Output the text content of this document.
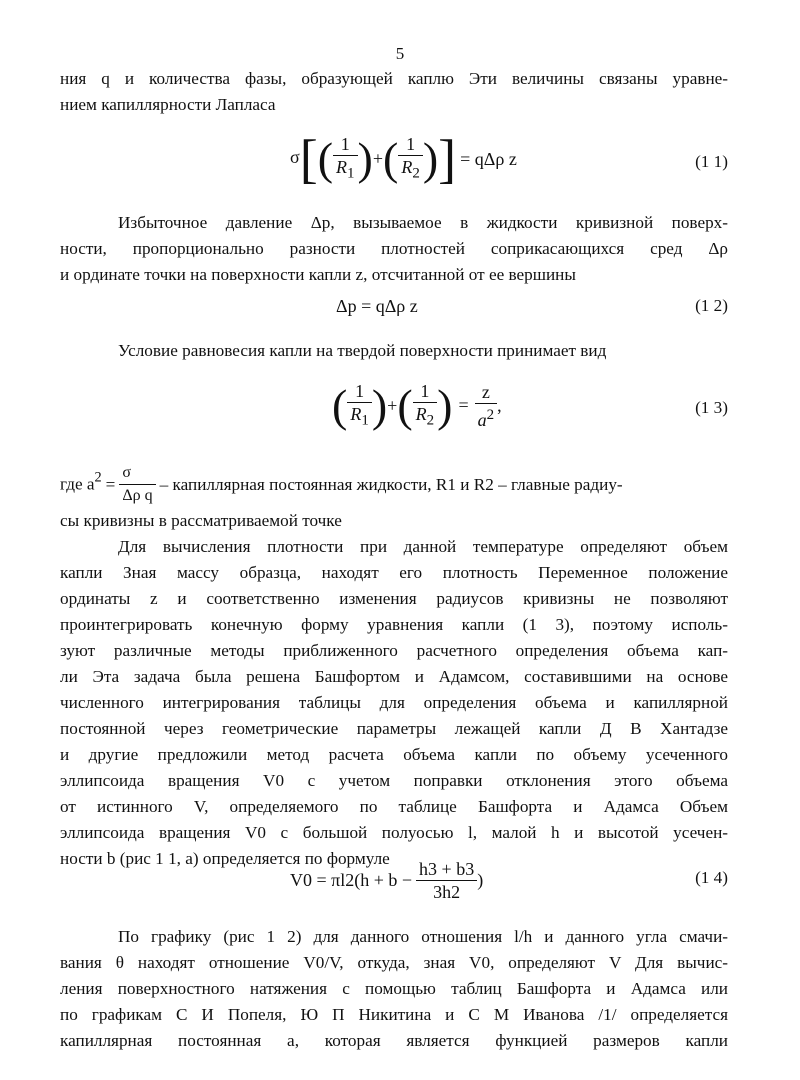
5
ния q и количества фазы, образующей каплю Эти величины связаны уравне-
нием капиллярности Лапласа
$\sigma[( \frac{1}{R_1}$ )+( $\frac{1}{R_2}$ )] = qΔρ z	(1 1)
Избыточное давление Δp, вызываемое в жидкости кривизной поверх-
ности, пропорционально разности плотностей соприкасающихся сред Δρ
и ординате точки на поверхности капли z, отсчитанной от ее вершины
Δp = qΔρ z	(1 2)
Условие равновесия капли на твердой поверхности принимает вид
( $\frac{1}{R_1}$ )+( $\frac{1}{R_2}$ ) = $\frac{z}{a^2}$ ,	(1 3)
где $a^2 = \frac{\sigma}{\text{Δρ q}}$ – капиллярная постоянная жидкости, R1 и R2 – главные радиу-
сы кривизны в рассматриваемой точке
Для вычисления плотности при данной температуре определяют объем
капли Зная массу образца, находят его плотность Переменное положение
ординаты z и соответственно изменения радиусов кривизны не позволяют
проинтегрировать конечную форму уравнения капли (1 3), поэтому исполь-
зуют различные методы приближенного расчетного определения объема кап-
ли Эта задача была решена Башфортом и Адамсом, составившими на основе
численного интегрирования таблицы для определения объема и капиллярной
постоянной через геометрические параметры лежащей капли Д В Хантадзе
и другие предложили метод расчета объема капли по объему усеченного
эллипсоида вращения V0 с учетом поправки отклонения этого объема
от истинного V, определяемого по таблице Башфорта и Адамса Объем
эллипсоида вращения V0 с большой полуосью l, малой h и высотой усечен-
ности b (рис 1 1, а) определяется по формуле
$V0 = \pi l2(h + b - \frac{h3 + b3}{3h2}$ )	(1 4)
По графику (рис 1 2) для данного отношения l/h и данного угла смачи-
вания θ находят отношение V0/V, откуда, зная V0, определяют V Для вычис-
ления поверхностного натяжения с помощью таблиц Башфорта и Адамса или
по графикам С И Попеля, Ю П Никитина и С М Иванова /1/ определяется
капиллярная постоянная a, которая является функцией размеров капли
